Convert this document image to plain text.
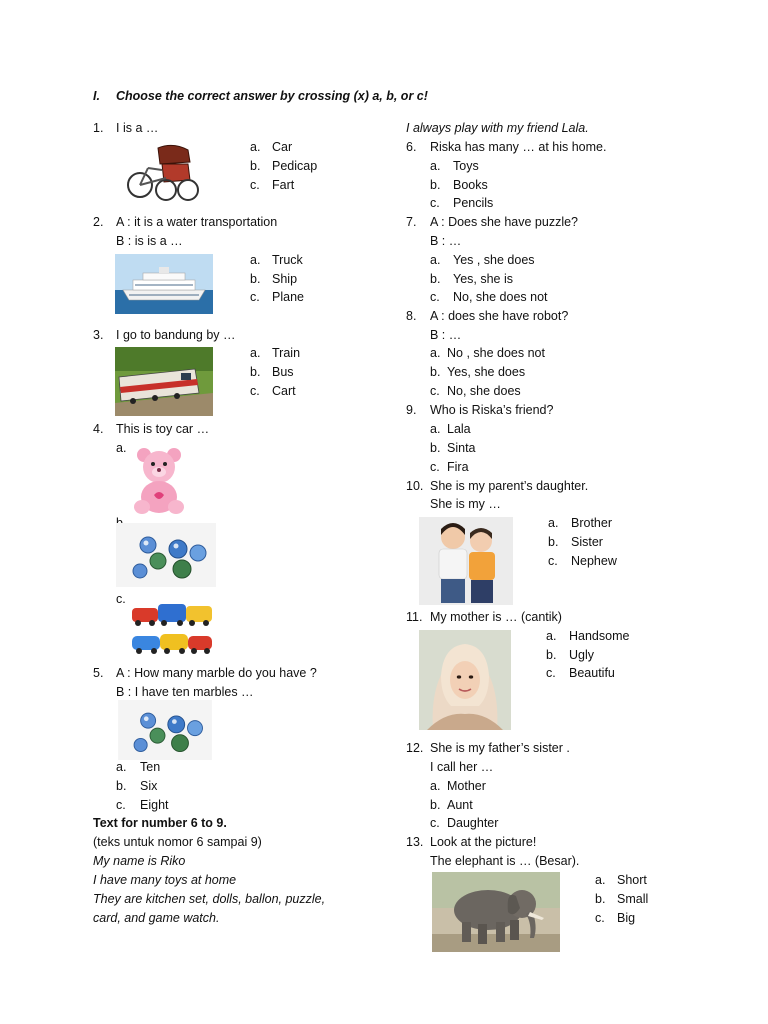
I. Choose the correct answer by crossing (x) a, b, or c!
1. I is a …
a. Car
b. Pedicap
c. Fart
2. A : it is a water transportation
B : is is a …
a. Truck
b. Ship
c. Plane
3. I go to bandung by …
a. Train
b. Bus
c. Cart
4. This is toy car …
a.
c.
5. A : How many marble do you have ?
B : I have ten marbles …
a. Ten
b. Six
c. Eight
Text for number 6 to 9.
(teks untuk nomor 6 sampai 9)
My name is Riko
I have many toys at home
They are kitchen set, dolls, ballon, puzzle,
card, and game watch.
I always play with my friend Lala.
6. Riska has many … at his home.
a. Toys
b. Books
c. Pencils
7. A : Does she have puzzle?
B : …
a. Yes , she does
b. Yes, she is
c. No, she does not
8. A : does she have robot?
B : …
a. No , she does not
b. Yes, she does
c. No, she does
9. Who is Riska’s friend?
a. Lala
b. Sinta
c. Fira
10. She is my parent’s daughter.
She is my …
a. Brother
b. Sister
c. Nephew
11. My mother is … (cantik)
a. Handsome
b. Ugly
c. Beautifu
12. She is my father’s sister .
I call her …
a. Mother
b. Aunt
c. Daughter
13. Look at the picture!
The elephant is … (Besar).
a. Short
b. Small
c. Big
